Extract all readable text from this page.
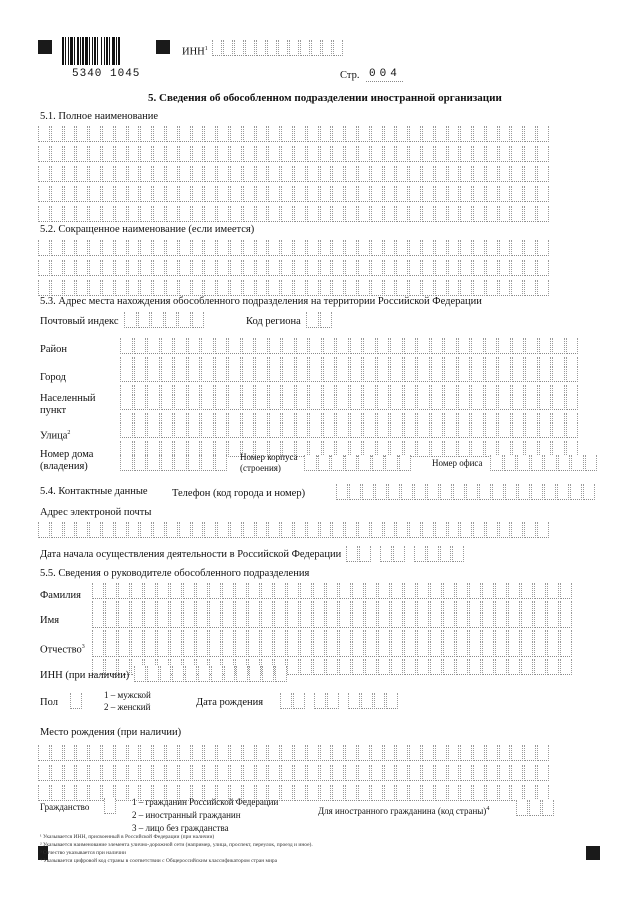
5340 1045
ИНН$^1$
Стр. 004
5. Сведения об обособленном подразделении иностранной организации
5.1. Полное наименование
5.2. Сокращенное наименование (если имеется)
5.3. Адрес места нахождения обособленного подразделения на территории Российской Федерации
Почтовый индекс	Код региона
Район
Город
Населенный
пункт
Улица$^2$
Номер дома
(владения)
Номер корпуса
(строения)	Номер офиса
5.4. Контактные данные Телефон (код города и номер)
Адрес электроной почты
Дата начала осуществления деятельности в Российской Федерации
5.5. Сведения о руководителе обособленного подразделения
Фамилия
Имя
Отчество$^3$
ИНН (при наличии)
Пол
1 – мужской
2 – женский	Дата рождения
Место рождения (при наличии)
Гражданство	1 – гражданин Российской Федерации
2 – иностранный гражданин
3 – лицо без гражданства
Для иностранного гражданина (код страны)$^4$
¹ Указывается ИНН, присвоенный в Российской Федерации (при наличии)
² Указывается наименование элемента улично-дорожной сети (например, улица, проспект, переулок, проезд и иное).
³ Отчество указывается при наличии
⁴ Указывается цифровой код страны в соответствии с Общероссийским классификатором стран мира
